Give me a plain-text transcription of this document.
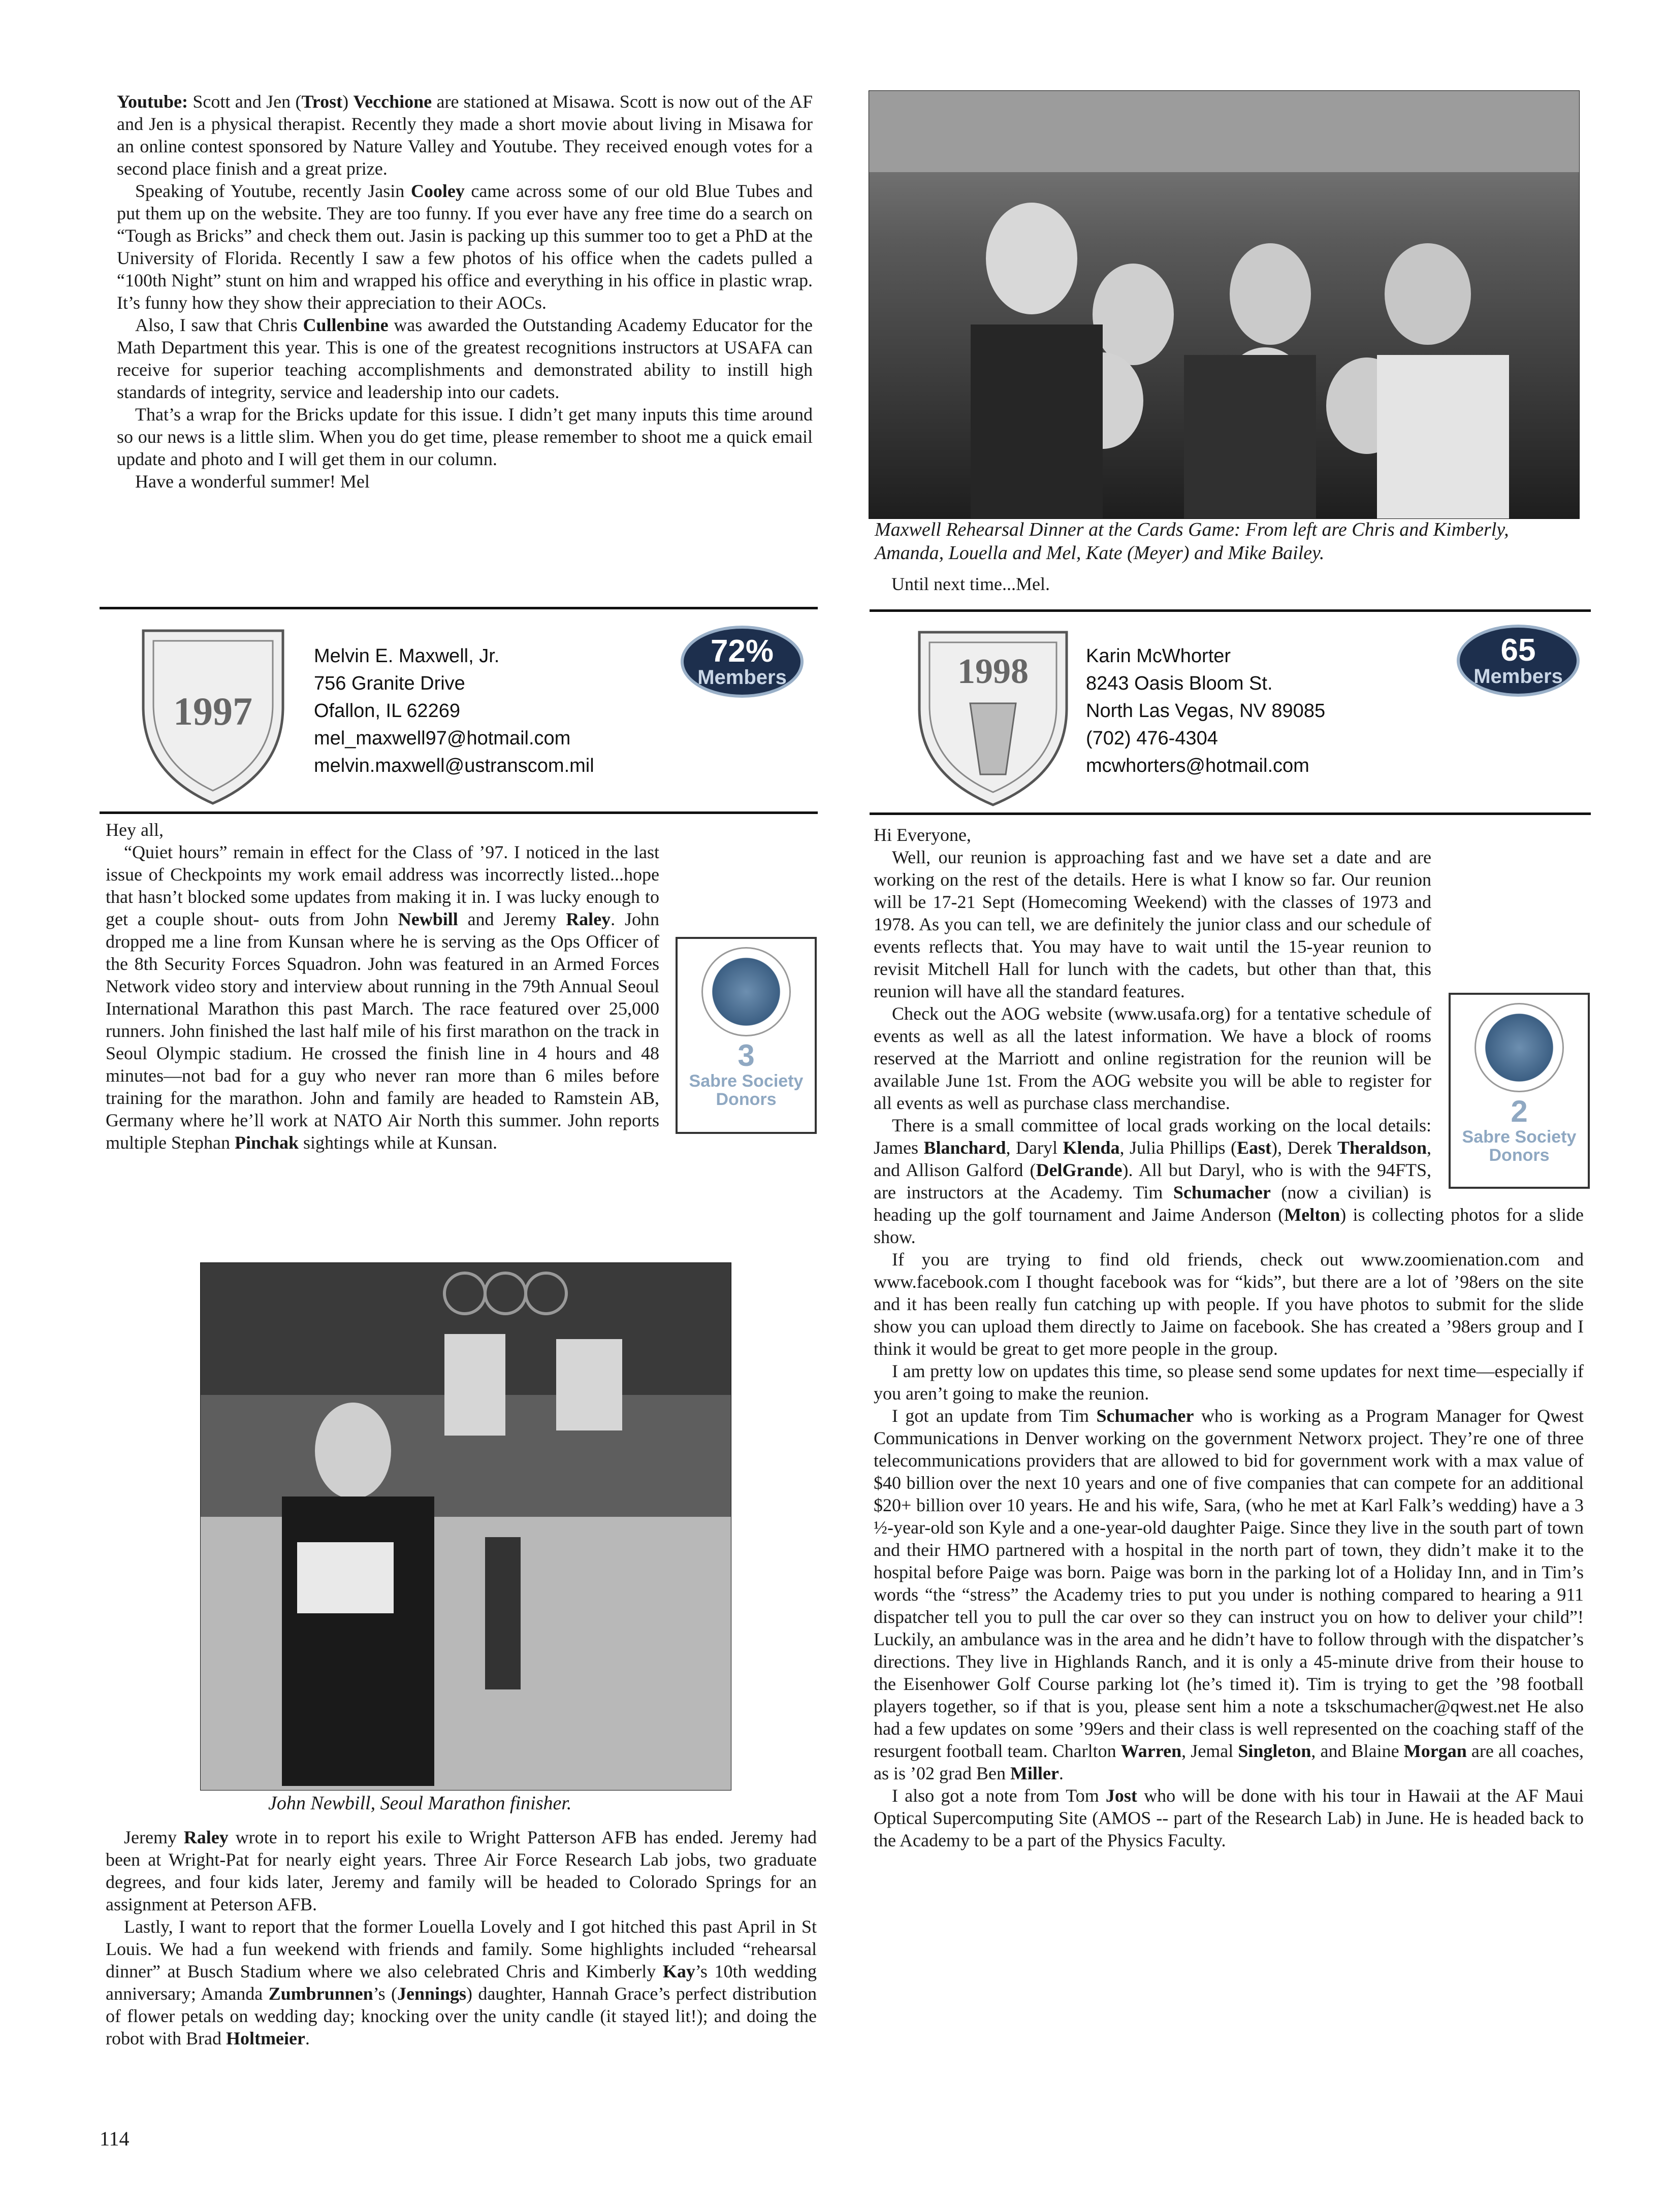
Youtube: Scott and Jen (Trost) Vecchione are stationed at Misawa. Scott is now out of the AF and Jen is a physical therapist. Recently they made a short movie about living in Misawa for an online contest sponsored by Nature Valley and Youtube. They received enough votes for a second place finish and a great prize.

Speaking of Youtube, recently Jasin Cooley came across some of our old Blue Tubes and put them up on the website. They are too funny. If you ever have any free time do a search on “Tough as Bricks” and check them out. Jasin is packing up this summer too to get a PhD at the University of Florida. Recently I saw a few photos of his office when the cadets pulled a “100th Night” stunt on him and wrapped his office and everything in his office in plastic wrap. It’s funny how they show their appreciation to their AOCs.

Also, I saw that Chris Cullenbine was awarded the Outstanding Academy Educator for the Math Department this year. This is one of the greatest recognitions instructors at USAFA can receive for superior teaching accomplishments and demonstrated ability to instill high standards of integrity, service and leadership into our cadets.

That’s a wrap for the Bricks update for this issue. I didn’t get many inputs this time around so our news is a little slim. When you do get time, please remember to shoot me a quick email update and photo and I will get them in our column.

Have a wonderful summer! Mel

Maxwell Rehearsal Dinner at the Cards Game: From left are Chris and Kimberly, Amanda, Louella and Mel, Kate (Meyer) and Mike Bailey.

Until next time...Mel.

1997
Melvin E. Maxwell, Jr.
756 Granite Drive
Ofallon, IL 62269
mel_maxwell97@hotmail.com
melvin.maxwell@ustranscom.mil
72%
Members	1998	Karin McWhorter
8243 Oasis Bloom St.
North Las Vegas, NV 89085
(702) 476-4304
mcwhorters@hotmail.com
65
Members

Hey all,

“Quiet hours” remain in effect for the Class of ’97. I noticed in the last issue of Checkpoints my work email address was incorrectly listed...hope that hasn’t blocked some updates from making it in. I was lucky enough to get a couple shout- outs from John Newbill and Jeremy Raley. John dropped me a line from Kunsan where he is serving as the Ops Officer of the 8th Security Forces Squadron. John was featured in an Armed Forces Network video story and interview about running in the 79th Annual Seoul International Marathon this past March. The race featured over 25,000 runners. John finished the last half mile of his first marathon on the track in Seoul Olympic stadium. He crossed the finish line in 4 hours and 48 minutes—not bad for a guy who never ran more than 6 miles before training for the marathon. John and family are headed to Ramstein AB, Germany where he’ll work at NATO Air North this summer. John reports multiple Stephan Pinchak sightings while at Kunsan.

3
Sabre Society
Donors
John Newbill, Seoul Marathon finisher.

Jeremy Raley wrote in to report his exile to Wright Patterson AFB has ended. Jeremy had been at Wright-Pat for nearly eight years. Three Air Force Research Lab jobs, two graduate degrees, and four kids later, Jeremy and family will be headed to Colorado Springs for an assignment at Peterson AFB.

Lastly, I want to report that the former Louella Lovely and I got hitched this past April in St Louis. We had a fun weekend with friends and family. Some highlights included “rehearsal dinner” at Busch Stadium where we also celebrated Chris and Kimberly Kay’s 10th wedding anniversary; Amanda Zumbrunnen’s (Jennings) daughter, Hannah Grace’s perfect distribution of flower petals on wedding day; knocking over the unity candle (it stayed lit!); and doing the robot with Brad Holtmeier.

Hi Everyone,

Well, our reunion is approaching fast and we have set a date and are working on the rest of the details. Here is what I know so far. Our reunion will be 17-21 Sept (Homecoming Weekend) with the classes of 1973 and 1978. As you can tell, we are definitely the junior class and our schedule of events reflects that. You may have to wait until the 15-year reunion to revisit Mitchell Hall for lunch with the cadets, but other than that, this reunion will have all the standard features.

Check out the AOG website (www.usafa.org) for a tentative schedule of events as well as all the latest information. We have a block of rooms reserved at the Marriott and online registration for the reunion will be available June 1st. From the AOG website you will be able to register for all events as well as purchase class merchandise.

There is a small committee of local grads working on the local details: James Blanchard, Daryl Klenda, Julia Phillips (East), Derek Theraldson, and Allison Galford (DelGrande). All but Daryl, who is with the 94FTS, are instructors at the Academy. Tim Schumacher (now a civilian) is heading up the golf tournament and Jaime Anderson (Melton) is collecting photos for a slide show.

If you are trying to find old friends, check out www.zoomienation.com and www.facebook.com I thought facebook was for “kids”, but there are a lot of ’98ers on the site and it has been really fun catching up with people. If you have photos to submit for the slide show you can upload them directly to Jaime on facebook. She has created a ’98ers group and I think it would be great to get more people in the group.

I am pretty low on updates this time, so please send some updates for next time—especially if you aren’t going to make the reunion.

I got an update from Tim Schumacher who is working as a Program Manager for Qwest Communications in Denver working on the government Networx project. They’re one of three telecommunications providers that are allowed to bid for government work with a max value of $40 billion over the next 10 years and one of five companies that can compete for an additional $20+ billion over 10 years. He and his wife, Sara, (who he met at Karl Falk’s wedding) have a 3 ½-year-old son Kyle and a one-year-old daughter Paige. Since they live in the south part of town and their HMO partnered with a hospital in the north part of town, they didn’t make it to the hospital before Paige was born. Paige was born in the parking lot of a Holiday Inn, and in Tim’s words “the “stress” the Academy tries to put you under is nothing compared to hearing a 911 dispatcher tell you to pull the car over so they can instruct you on how to deliver your child”! Luckily, an ambulance was in the area and he didn’t have to follow through with the dispatcher’s directions. They live in Highlands Ranch, and it is only a 45-minute drive from their house to the Eisenhower Golf Course parking lot (he’s timed it). Tim is trying to get the ’98 football players together, so if that is you, please sent him a note a tskschumacher@qwest.net He also had a few updates on some ’99ers and their class is well represented on the coaching staff of the resurgent football team. Charlton Warren, Jemal Singleton, and Blaine Morgan are all coaches, as is ’02 grad Ben Miller.

I also got a note from Tom Jost who will be done with his tour in Hawaii at the AF Maui Optical Supercomputing Site (AMOS -- part of the Research Lab) in June. He is headed back to the Academy to be a part of the Physics Faculty.

2
Sabre Society
Donors
114
